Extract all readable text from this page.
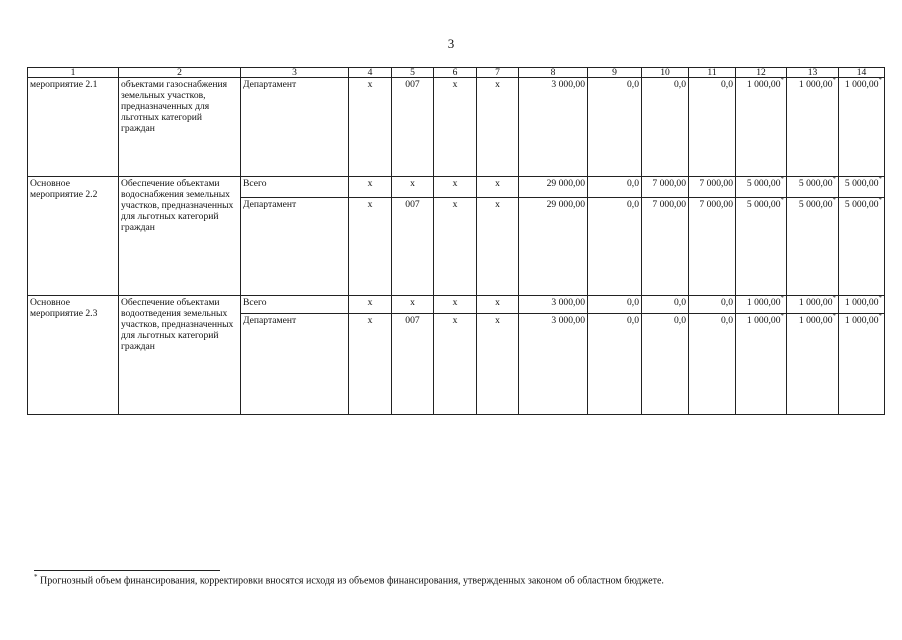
3
1	2	3	4	5	6	7	8	9	10	11	12	13	14
мероприятие 2.1	объектами газоснабжения земельных участков, предназначенных для льготных категорий граждан	Департамент	х	007	х	х	3 000,00	0,0	0,0	0,0	1 000,00*	1 000,00*	1 000,00*
Основное мероприятие 2.2	Обеспечение объектами водоснабжения земельных участков, предназначенных для льготных категорий граждан	Всего	х	х	х	х	29 000,00	0,0	7 000,00	7 000,00	5 000,00*	5 000,00*	5 000,00*
		Департамент	х	007	х	х	29 000,00	0,0	7 000,00	7 000,00	5 000,00*	5 000,00*	5 000,00*
Основное мероприятие 2.3	Обеспечение объектами водоотведения земельных участков, предназначенных для льготных категорий граждан	Всего	х	х	х	х	3 000,00	0,0	0,0	0,0	1 000,00*	1 000,00*	1 000,00*
		Департамент	х	007	х	х	3 000,00	0,0	0,0	0,0	1 000,00*	1 000,00*	1 000,00*
* Прогнозный объем финансирования, корректировки вносятся исходя из объемов финансирования, утвержденных законом об областном бюджете.
